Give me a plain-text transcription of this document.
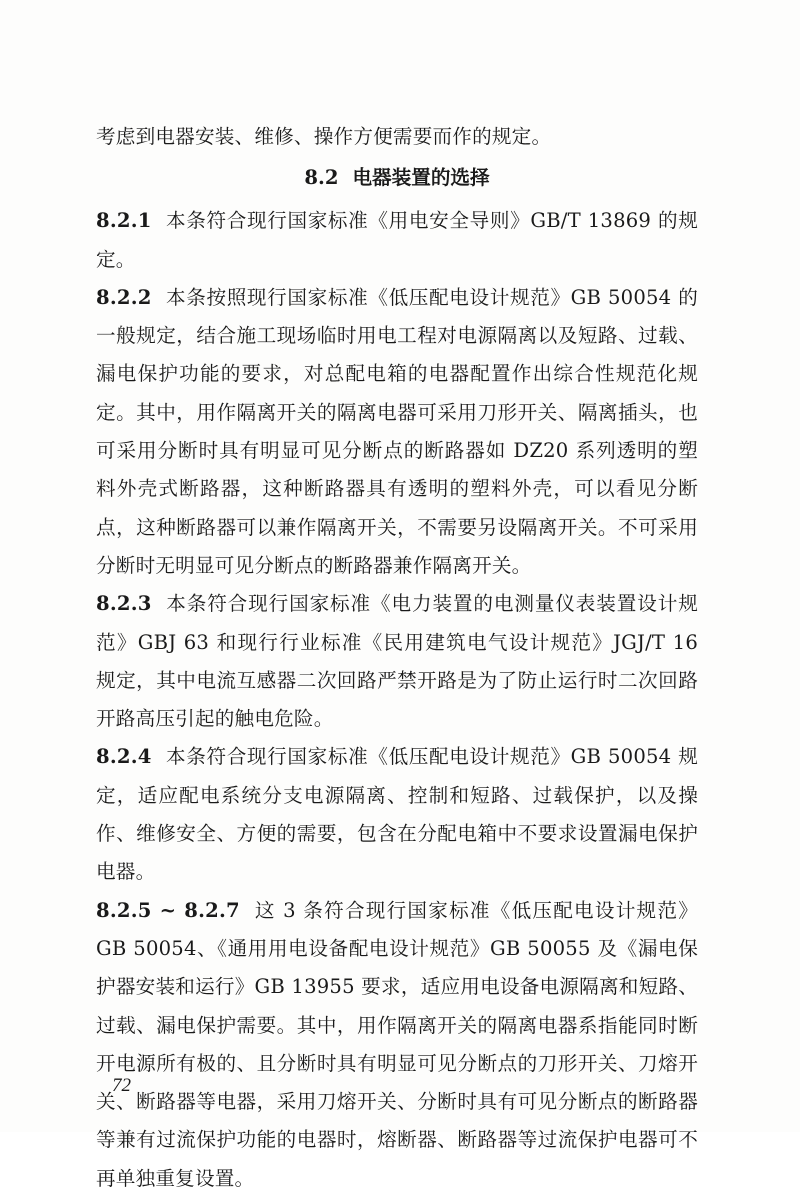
考虑到电器安装、维修、操作方便需要而作的规定。

8.2 电器装置的选择

8.2.1 本条符合现行国家标准《用电安全导则》GB/T 13869 的规定。

8.2.2 本条按照现行国家标准《低压配电设计规范》GB 50054 的一般规定，结合施工现场临时用电工程对电源隔离以及短路、过载、漏电保护功能的要求，对总配电箱的电器配置作出综合性规范化规定。其中，用作隔离开关的隔离电器可采用刀形开关、隔离插头，也可采用分断时具有明显可见分断点的断路器如 DZ20 系列透明的塑料外壳式断路器，这种断路器具有透明的塑料外壳，可以看见分断点，这种断路器可以兼作隔离开关，不需要另设隔离开关。不可采用分断时无明显可见分断点的断路器兼作隔离开关。

8.2.3 本条符合现行国家标准《电力装置的电测量仪表装置设计规范》GBJ 63 和现行行业标准《民用建筑电气设计规范》JGJ/T 16 规定，其中电流互感器二次回路严禁开路是为了防止运行时二次回路开路高压引起的触电危险。

8.2.4 本条符合现行国家标准《低压配电设计规范》GB 50054 规定，适应配电系统分支电源隔离、控制和短路、过载保护，以及操作、维修安全、方便的需要，包含在分配电箱中不要求设置漏电保护电器。

8.2.5 ~ 8.2.7 这 3 条符合现行国家标准《低压配电设计规范》GB 50054、《通用用电设备配电设计规范》GB 50055 及《漏电保护器安装和运行》GB 13955 要求，适应用电设备电源隔离和短路、过载、漏电保护需要。其中，用作隔离开关的隔离电器系指能同时断开电源所有极的、且分断时具有明显可见分断点的刀形开关、刀熔开关、断路器等电器，采用刀熔开关、分断时具有可见分断点的断路器等兼有过流保护功能的电器时，熔断器、断路器等过流保护电器可不再单独重复设置。

72
